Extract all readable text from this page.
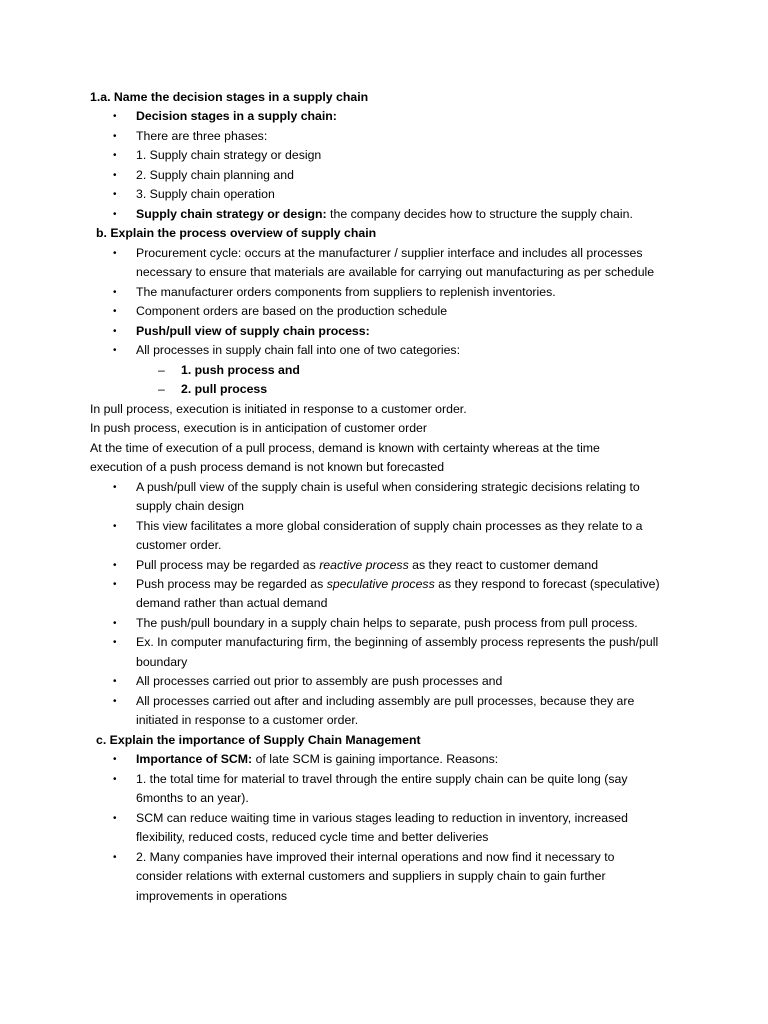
1.a. Name the decision stages in a supply chain
• Decision stages in a supply chain:
• There are three phases:
• 1. Supply chain strategy or design
• 2. Supply chain planning and
• 3. Supply chain operation
• Supply chain strategy or design: the company decides how to structure the supply chain.
b. Explain the process overview of supply chain
• Procurement cycle: occurs at the manufacturer / supplier interface and includes all processes
necessary to ensure that materials are available for carrying out manufacturing as per schedule
• The manufacturer orders components from suppliers to replenish inventories.
• Component orders are based on the production schedule
• Push/pull view of supply chain process:
• All processes in supply chain fall into one of two categories:
– 1. push process and
– 2. pull process
In pull process, execution is initiated in response to a customer order.
In push process, execution is in anticipation of customer order
At the time of execution of a pull process, demand is known with certainty whereas at the time
execution of a push process demand is not known but forecasted
• A push/pull view of the supply chain is useful when considering strategic decisions relating to
supply chain design
• This view facilitates a more global consideration of supply chain processes as they relate to a
customer order.
• Pull process may be regarded as reactive process as they react to customer demand
• Push process may be regarded as speculative process as they respond to forecast (speculative)
demand rather than actual demand
• The push/pull boundary in a supply chain helps to separate, push process from pull process.
• Ex. In computer manufacturing firm, the beginning of assembly process represents the push/pull
boundary
• All processes carried out prior to assembly are push processes and
• All processes carried out after and including assembly are pull processes, because they are
initiated in response to a customer order.
c. Explain the importance of Supply Chain Management
• Importance of SCM: of late SCM is gaining importance. Reasons:
• 1. the total time for material to travel through the entire supply chain can be quite long (say
6months to an year).
• SCM can reduce waiting time in various stages leading to reduction in inventory, increased
flexibility, reduced costs, reduced cycle time and better deliveries
• 2. Many companies have improved their internal operations and now find it necessary to
consider relations with external customers and suppliers in supply chain to gain further
improvements in operations
